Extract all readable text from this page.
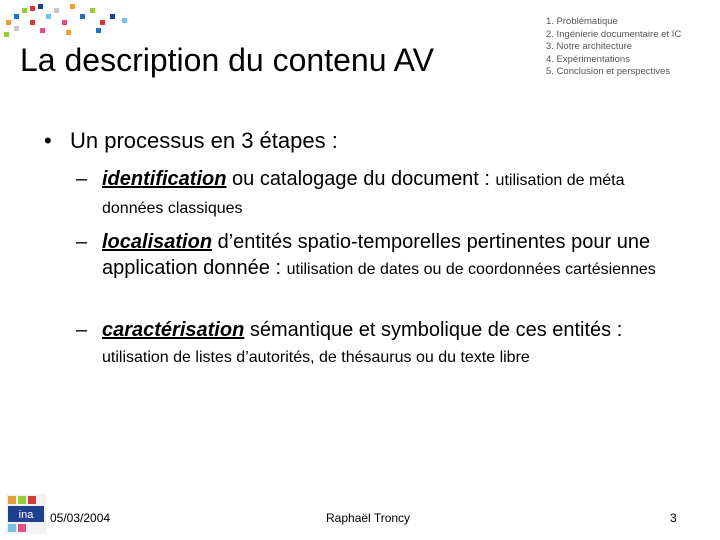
La description du contenu AV
1. Problématique
2. Ingénierie documentaire et IC
3. Notre architecture
4. Expérimentations
5. Conclusion et perspectives
• Un processus en 3 étapes :
– identification ou catalogage du document : utilisation de méta données classiques
– localisation d’entités spatio-temporelles pertinentes pour une application donnée : utilisation de dates ou de coordonnées cartésiennes
– caractérisation sémantique et symbolique de ces entités : utilisation de listes d’autorités, de thésaurus ou du texte libre
ina 05/03/2004	Raphaël Troncy	3
